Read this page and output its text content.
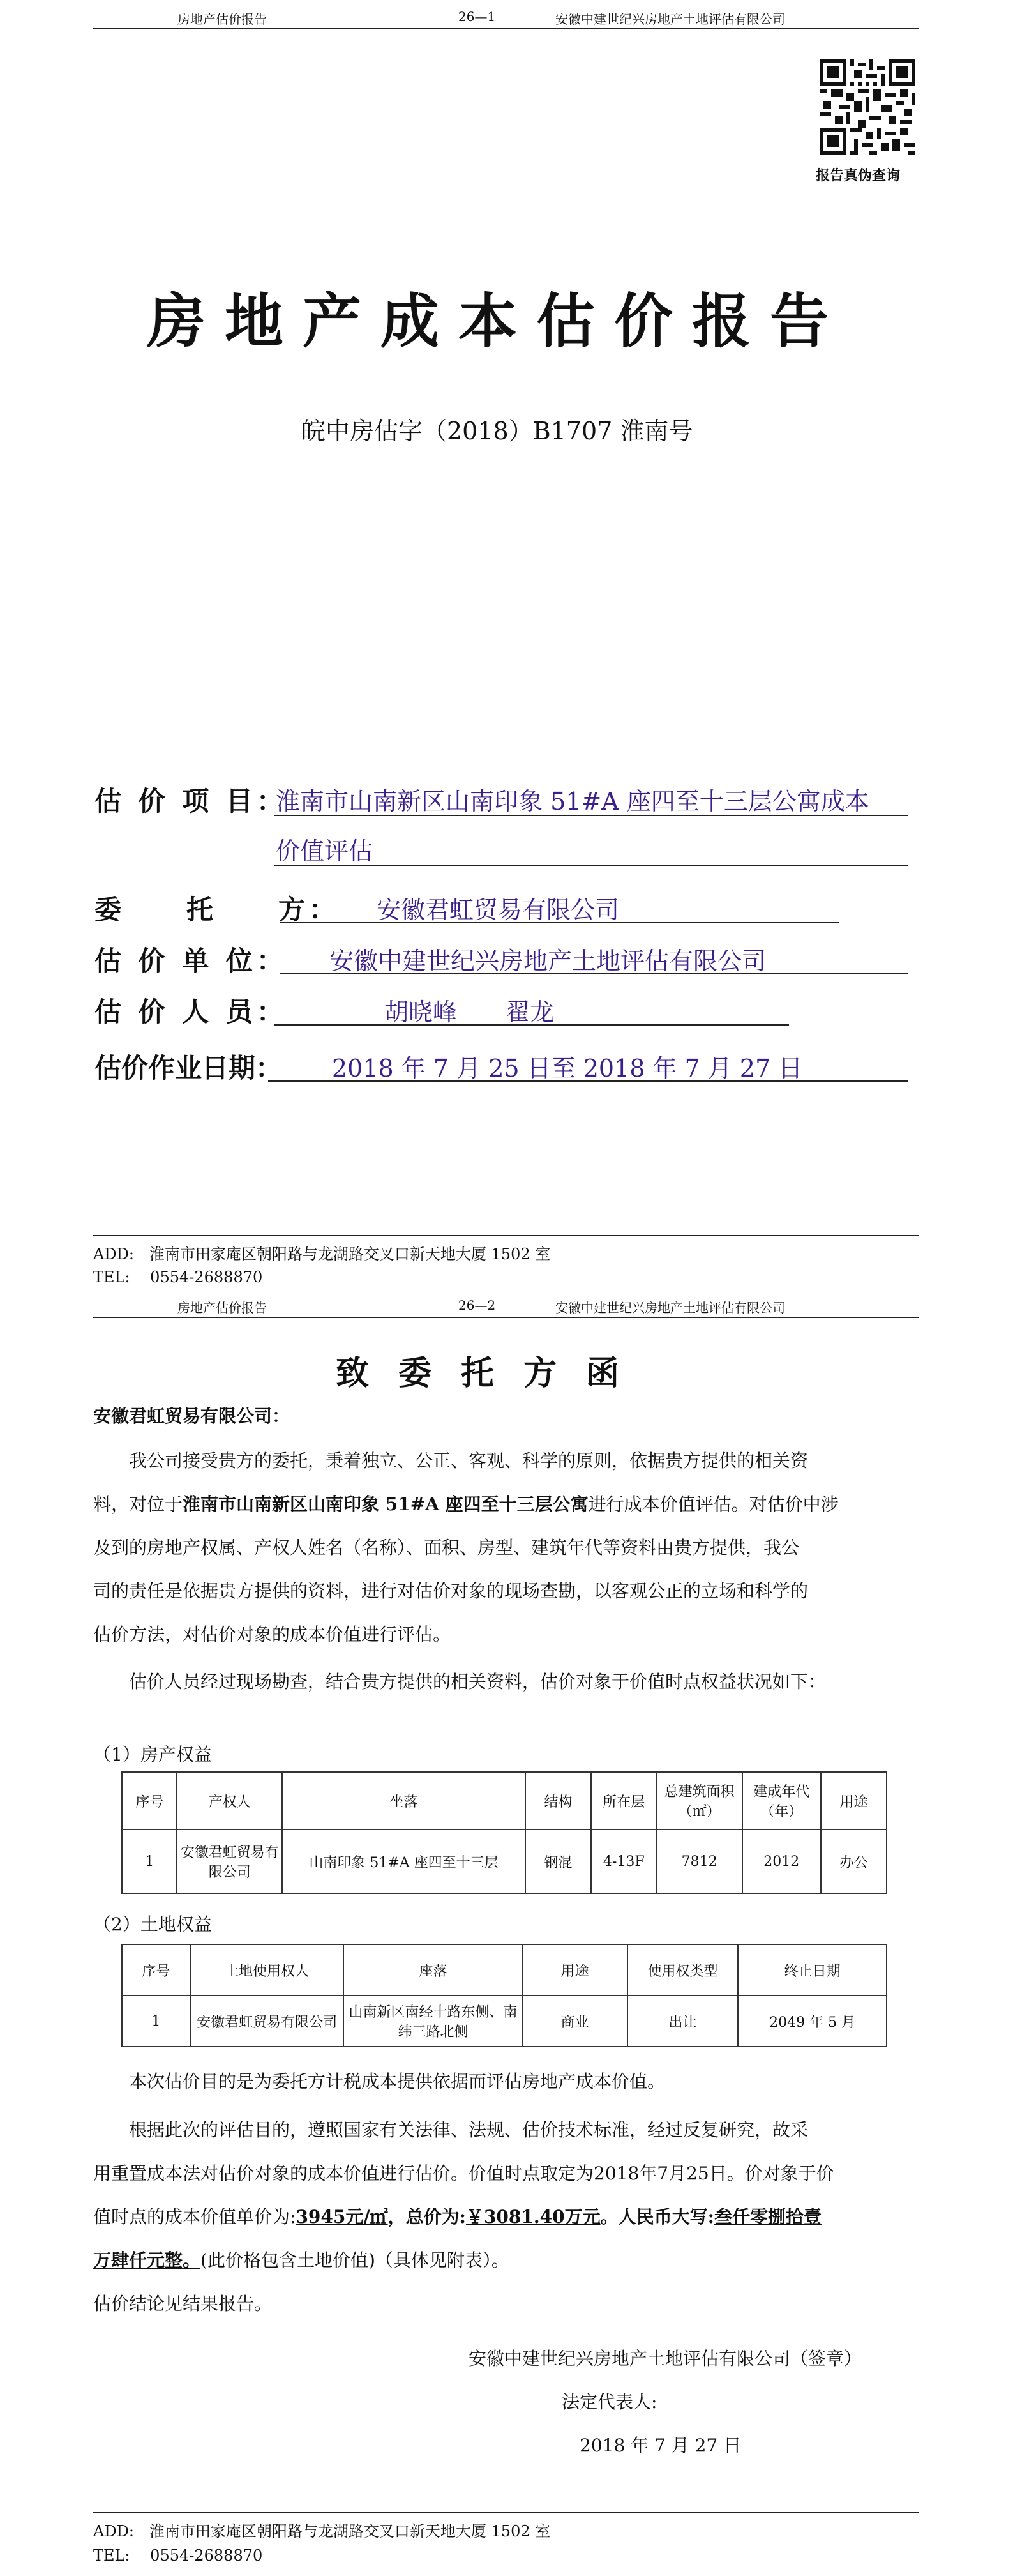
房地产估价报告	26—1	安徽中建世纪兴房地产土地评估有限公司
报告真伪查询
房地产成本估价报告
皖中房估字（2018）B1707 淮南号
估 价 项 目：
淮南市山南新区山南印象 51#A 座四至十三层公寓成本
价值评估
委　　托　　方： 安徽君虹贸易有限公司
估 价 单 位： 安徽中建世纪兴房地产土地评估有限公司
估 价 人 员：	胡晓峰　　翟龙
估价作业日期： 2018 年 7 月 25 日至 2018 年 7 月 27 日
ADD:　淮南市田家庵区朝阳路与龙湖路交叉口新天地大厦 1502 室
TEL:　 0554-2688870
房地产估价报告	26—2	安徽中建世纪兴房地产土地评估有限公司
致委托方函
安徽君虹贸易有限公司：
我公司接受贵方的委托，秉着独立、公正、客观、科学的原则，依据贵方提供的相关资
料，对位于淮南市山南新区山南印象 51#A 座四至十三层公寓进行成本价值评估。对估价中涉
及到的房地产权属、产权人姓名（名称）、面积、房型、建筑年代等资料由贵方提供，我公
司的责任是依据贵方提供的资料，进行对估价对象的现场查勘，以客观公正的立场和科学的
估价方法，对估价对象的成本价值进行评估。
估价人员经过现场勘查，结合贵方提供的相关资料，估价对象于价值时点权益状况如下：
（1）房产权益
序号	产权人	坐落	结构	所在层	总建筑面积（㎡）	建成年代（年）	用途
1	安徽君虹贸易有限公司	山南印象 51#A 座四至十三层	钢混	4-13F	7812	2012	办公
（2）土地权益
序号	土地使用权人	座落	用途	使用权类型	终止日期
1	安徽君虹贸易有限公司	山南新区南经十路东侧、南纬三路北侧	商业	出让	2049 年 5 月
本次估价目的是为委托方计税成本提供依据而评估房地产成本价值。
根据此次的评估目的，遵照国家有关法律、法规、估价技术标准，经过反复研究，故采
用重置成本法对估价对象的成本价值进行估价。价值时点取定为2018年7月25日。价对象于价
值时点的成本价值单价为:3945元/㎡，总价为:￥3081.40万元。人民币大写:叁仟零捌拾壹
万肆仟元整。(此价格包含土地价值)（具体见附表）。
估价结论见结果报告。
安徽中建世纪兴房地产土地评估有限公司（签章）
法定代表人:
2018 年 7 月 27 日
ADD:　淮南市田家庵区朝阳路与龙湖路交叉口新天地大厦 1502 室
TEL:　 0554-2688870
